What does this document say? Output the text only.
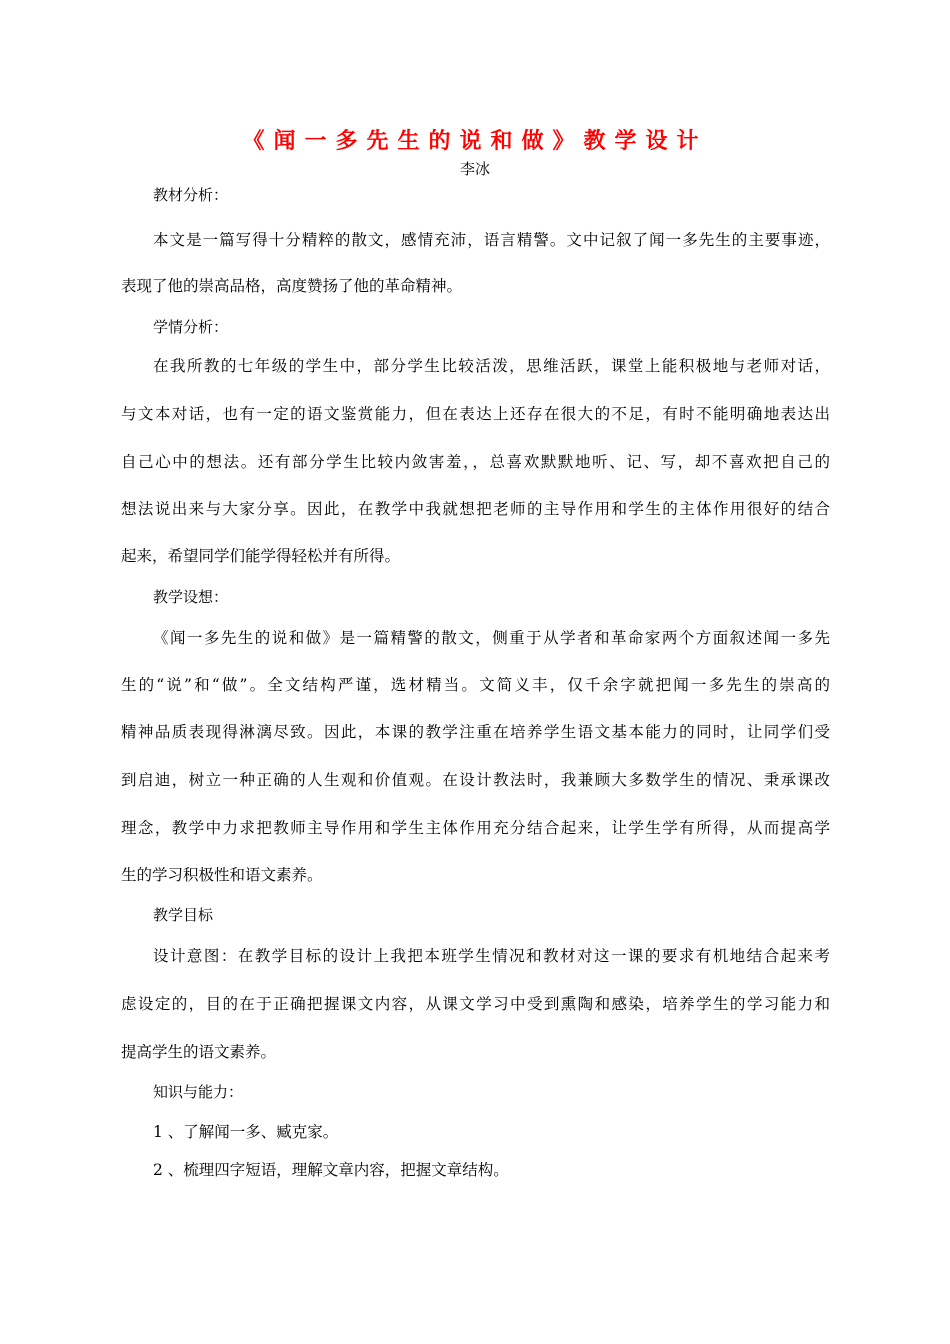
《闻一多先生的说和做》教学设计
李冰
教材分析：
本文是一篇写得十分精粹的散文，感情充沛，语言精警。文中记叙了闻一多先生的主要事迹，
表现了他的崇高品格，高度赞扬了他的革命精神。
学情分析：
在我所教的七年级的学生中，部分学生比较活泼，思维活跃，课堂上能积极地与老师对话，
与文本对话，也有一定的语文鉴赏能力，但在表达上还存在很大的不足，有时不能明确地表达出
自己心中的想法。还有部分学生比较内敛害羞，，总喜欢默默地听、记、写，却不喜欢把自己的
想法说出来与大家分享。因此，在教学中我就想把老师的主导作用和学生的主体作用很好的结合
起来，希望同学们能学得轻松并有所得。
教学设想：
《闻一多先生的说和做》是一篇精警的散文，侧重于从学者和革命家两个方面叙述闻一多先
生的“说”和“做”。全文结构严谨，选材精当。文简义丰，仅千余字就把闻一多先生的崇高的
精神品质表现得淋漓尽致。因此，本课的教学注重在培养学生语文基本能力的同时，让同学们受
到启迪，树立一种正确的人生观和价值观。在设计教法时，我兼顾大多数学生的情况、秉承课改
理念，教学中力求把教师主导作用和学生主体作用充分结合起来，让学生学有所得，从而提高学
生的学习积极性和语文素养。
教学目标
设计意图：在教学目标的设计上我把本班学生情况和教材对这一课的要求有机地结合起来考
虑设定的，目的在于正确把握课文内容，从课文学习中受到熏陶和感染，培养学生的学习能力和
提高学生的语文素养。
知识与能力：
1 、了解闻一多、臧克家。
2 、梳理四字短语，理解文章内容，把握文章结构。
